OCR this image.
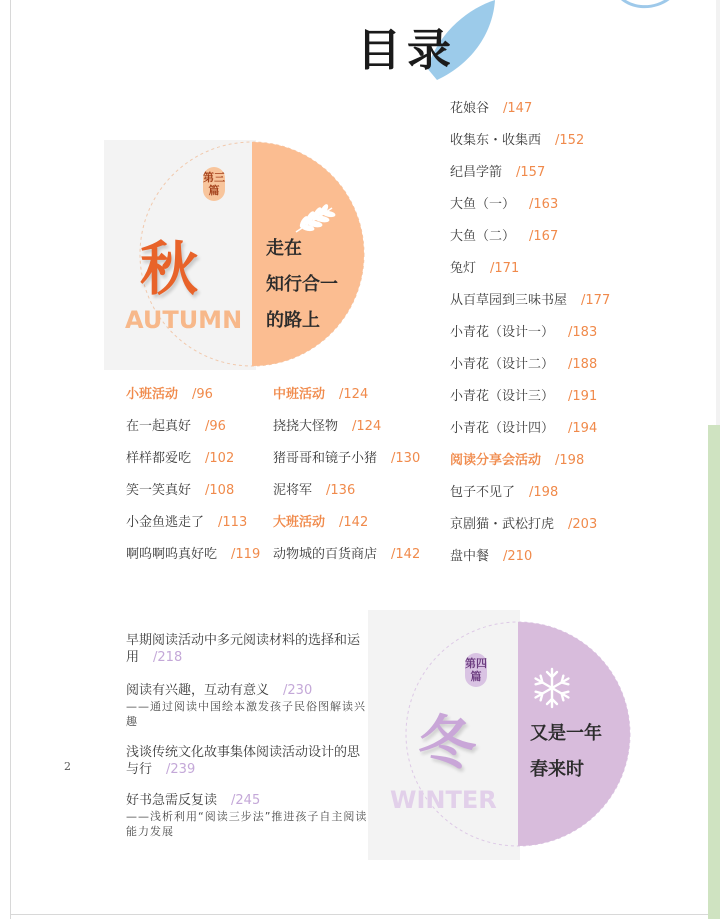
目录
第三篇
秋
AUTUMN
走在
知行合一
的路上
小班活动 /96
在一起真好 /96
样样都爱吃 /102
笑一笑真好 /108
小金鱼逃走了 /113
啊呜啊呜真好吃 /119
中班活动 /124
挠挠大怪物 /124
猪哥哥和镜子小猪 /130
泥将军 /136
大班活动 /142
动物城的百货商店 /142
花娘谷 /147
收集东・收集西 /152
纪昌学箭 /157
大鱼（一） /163
大鱼（二） /167
兔灯 /171
从百草园到三味书屋 /177
小青花（设计一） /183
小青花（设计二） /188
小青花（设计三） /191
小青花（设计四） /194
阅读分享会活动 /198
包子不见了 /198
京剧猫・武松打虎 /203
盘中餐 /210
早期阅读活动中多元阅读材料的选择和运用 /218
阅读有兴趣，互动有意义 /230
——通过阅读中国绘本激发孩子民俗图解读兴趣
浅谈传统文化故事集体阅读活动设计的思与行 /239
好书急需反复读 /245
——浅析利用“阅读三步法”推进孩子自主阅读能力发展
第四篇
冬
WINTER
又是一年
春来时
2
